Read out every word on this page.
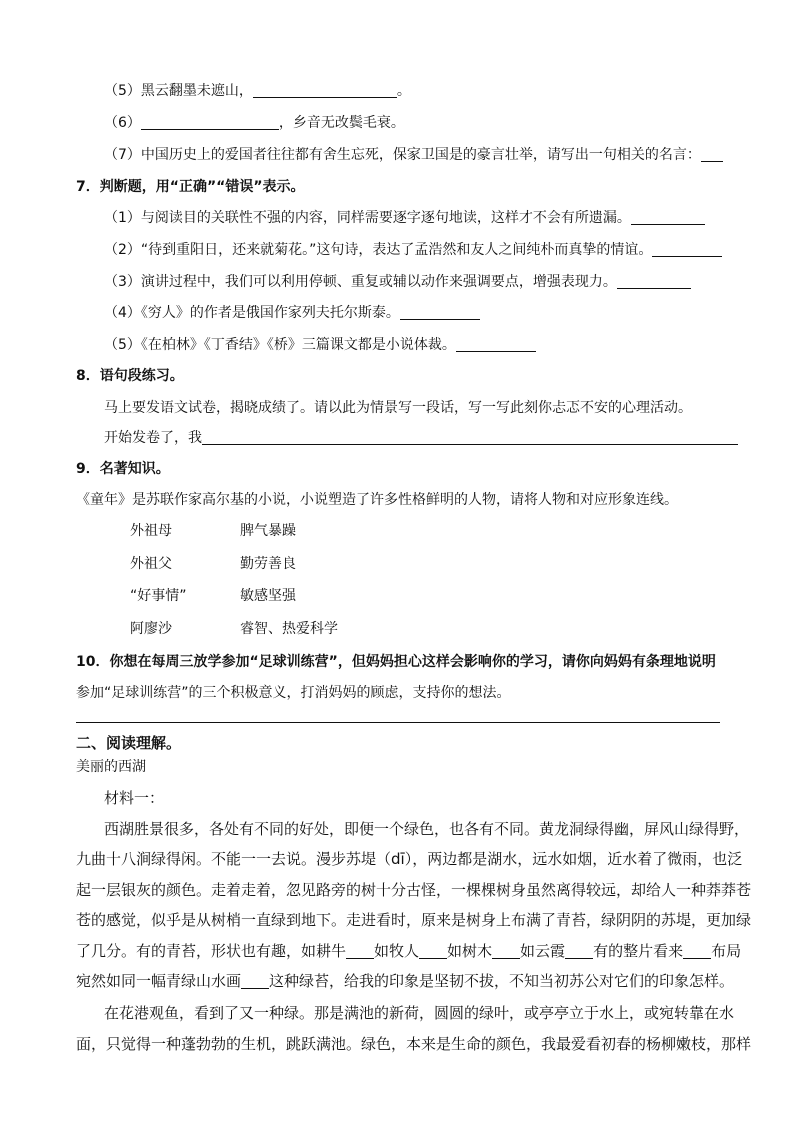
（5）黑云翻墨未遮山，	。
（6）	，乡音无改鬓毛衰。
（7）中国历史上的爱国者往往都有舍生忘死，保家卫国是的豪言壮举，请写出一句相关的名言：
7．判断题，用“正确”“错误”表示。
（1）与阅读目的关联性不强的内容，同样需要逐字逐句地读，这样才不会有所遗漏。
（2）“待到重阳日，还来就菊花。”这句诗，表达了孟浩然和友人之间纯朴而真挚的情谊。
（3）演讲过程中，我们可以利用停顿、重复或辅以动作来强调要点，增强表现力。
（4）《穷人》的作者是俄国作家列夫托尔斯泰。
（5）《在柏林》《丁香结》《桥》三篇课文都是小说体裁。
8．语句段练习。
马上要发语文试卷，揭晓成绩了。请以此为情景写一段话，写一写此刻你忐忑不安的心理活动。
开始发卷了，我
9．名著知识。
《童年》是苏联作家高尔基的小说，小说塑造了许多性格鲜明的人物，请将人物和对应形象连线。
外祖母	脾气暴躁
外祖父	勤劳善良
“好事情”	敏感坚强
阿廖沙	睿智、热爱科学
10．你想在每周三放学参加“足球训练营”，但妈妈担心这样会影响你的学习，请你向妈妈有条理地说明
参加“足球训练营”的三个积极意义，打消妈妈的顾虑，支持你的想法。
二、阅读理解。
美丽的西湖
材料一：
西湖胜景很多，各处有不同的好处，即便一个绿色，也各有不同。黄龙洞绿得幽，屏风山绿得野，
九曲十八涧绿得闲。不能一一去说。漫步苏堤（dī），两边都是湖水，远水如烟，近水着了微雨，也泛
起一层银灰的颜色。走着走着，忽见路旁的树十分古怪，一棵棵树身虽然离得较远，却给人一种莽莽苍
苍的感觉，似乎是从树梢一直绿到地下。走进看时，原来是树身上布满了青苔，绿阴阴的苏堤，更加绿
了几分。有的青苔，形状也有趣，如耕牛 如牧人 如树木 如云霞 有的整片看来 布局
宛然如同一幅青绿山水画 这种绿苔，给我的印象是坚韧不拔，不知当初苏公对它们的印象怎样。
在花港观鱼，看到了又一种绿。那是满池的新荷，圆圆的绿叶，或亭亭立于水上，或宛转靠在水
面，只觉得一种蓬勃勃的生机，跳跃满池。绿色，本来是生命的颜色，我最爱看初春的杨柳嫩枝，那样
